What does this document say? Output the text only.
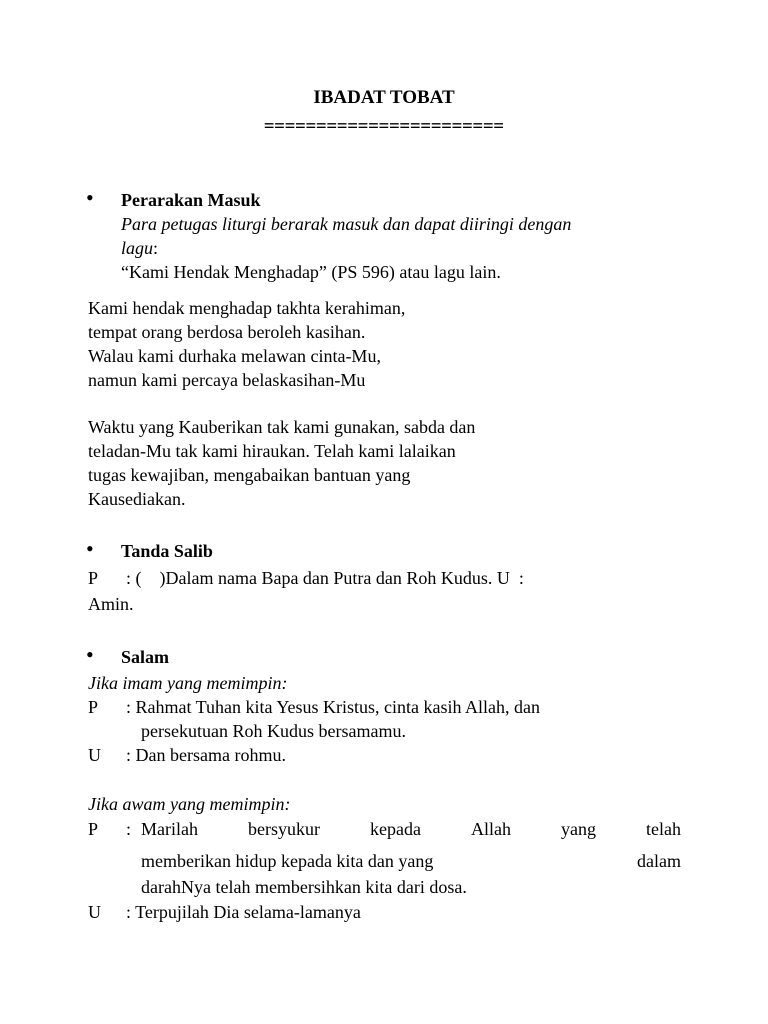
IBADAT TOBAT
=======================
• Perarakan Masuk
Para petugas liturgi berarak masuk dan dapat diiringi dengan
lagu:
“Kami Hendak Menghadap” (PS 596) atau lagu lain.
Kami hendak menghadap takhta kerahiman,
tempat orang berdosa beroleh kasihan.
Walau kami durhaka melawan cinta-Mu,
namun kami percaya belaskasihan-Mu
Waktu yang Kauberikan tak kami gunakan, sabda dan
teladan-Mu tak kami hiraukan. Telah kami lalaikan
tugas kewajiban, mengabaikan bantuan yang
Kausediakan.
• Tanda Salib
P : (    )Dalam nama Bapa dan Putra dan Roh Kudus. U  :
Amin.
• Salam
Jika imam yang memimpin:
P : Rahmat Tuhan kita Yesus Kristus, cinta kasih Allah, dan
persekutuan Roh Kudus bersamamu.
U : Dan bersama rohmu.
Jika awam yang memimpin:
P : Marilah	bersyukur	kepada	Allah	yang	telah
memberikan hidup kepada kita dan yang	dalam
darahNya telah membersihkan kita dari dosa.
U : Terpujilah Dia selama-lamanya
